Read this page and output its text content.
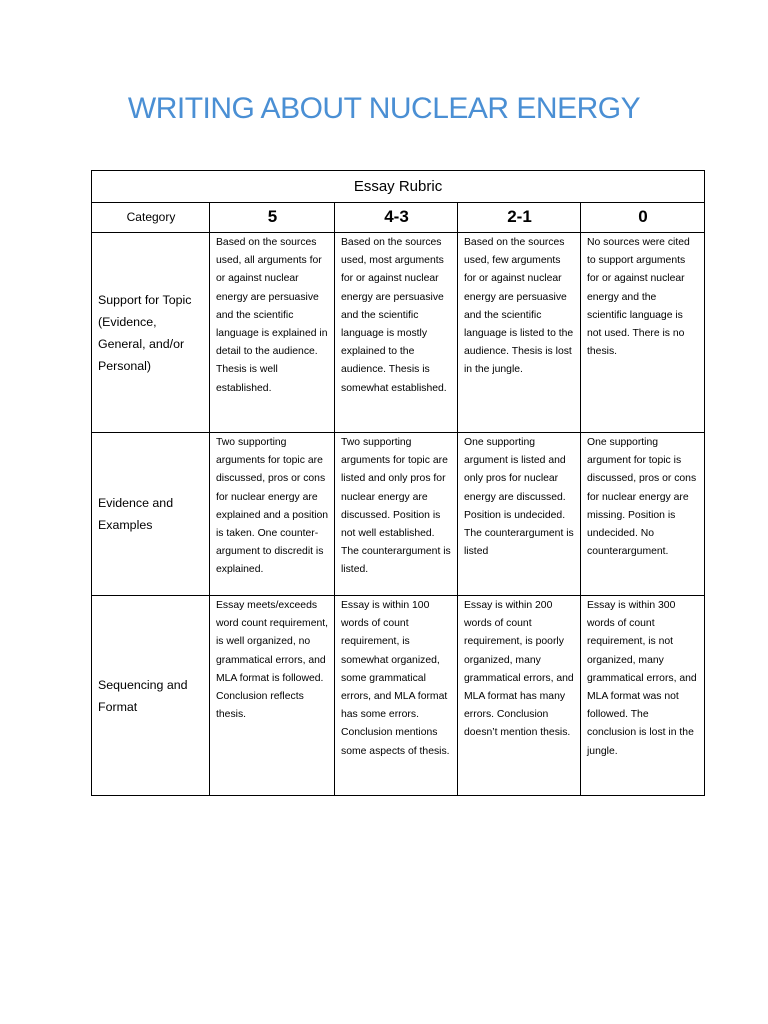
WRITING ABOUT NUCLEAR ENERGY
Essay Rubric				
Category	5	4-3	2-1	0
Support for Topic (Evidence, General, and/or Personal)	Based on the sources used, all arguments for or against nuclear energy are persuasive and the scientific language is explained in detail to the audience. Thesis is well established.	Based on the sources used, most arguments for or against nuclear energy are persuasive and the scientific language is mostly explained to the audience. Thesis is somewhat established.	Based on the sources used, few arguments for or against nuclear energy are persuasive and the scientific language is listed to the audience. Thesis is lost in the jungle.	No sources were cited to support arguments for or against nuclear energy and the scientific language is not used. There is no thesis.
Evidence and Examples	Two supporting arguments for topic are discussed, pros or cons for nuclear energy are explained and a position is taken. One counter-argument to discredit is explained.	Two supporting arguments for topic are listed and only pros for nuclear energy are discussed. Position is not well established. The counterargument is listed.	One supporting argument is listed and only pros for nuclear energy are discussed. Position is undecided. The counterargument is listed	One supporting argument for topic is discussed, pros or cons for nuclear energy are missing. Position is undecided. No counterargument.
Sequencing and Format	Essay meets/exceeds word count requirement, is well organized, no grammatical errors, and MLA format is followed. Conclusion reflects thesis.	Essay is within 100 words of count requirement, is somewhat organized, some grammatical errors, and MLA format has some errors. Conclusion mentions some aspects of thesis.	Essay is within 200 words of count requirement, is poorly organized, many grammatical errors, and MLA format has many errors. Conclusion doesn’t mention thesis.	Essay is within 300 words of count requirement, is not organized, many grammatical errors, and MLA format was not followed. The conclusion is lost in the jungle.
